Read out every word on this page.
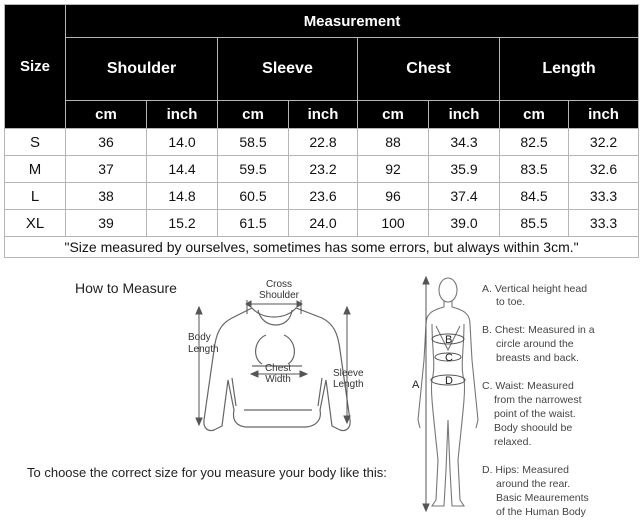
Size	Measurement							
	Shoulder		Sleeve		Chest		Length	
	cm	inch	cm	inch	cm	inch	cm	inch
S	36	14.0	58.5	22.8	88	34.3	82.5	32.2
M	37	14.4	59.5	23.2	92	35.9	83.5	32.6
L	38	14.8	60.5	23.6	96	37.4	84.5	33.3
XL	39	15.2	61.5	24.0	100	39.0	85.5	33.3
"Size measured by ourselves, sometimes has some errors, but always within 3cm."								
How to Measure	Cross
Shoulder
Body
Length
Chest
Width
Sleeve
Length
B
C
D
A
To choose the correct size for you measure your body like this:
A. Vertical height head
to toe.
B. Chest: Measured in a
circle around the
breasts and back.
C. Waist: Measured
from the narrowest
point of the waist.
Body shoould be
relaxed.
D. Hips: Measured
around the rear.
Basic Meaurements
of the Human Body
